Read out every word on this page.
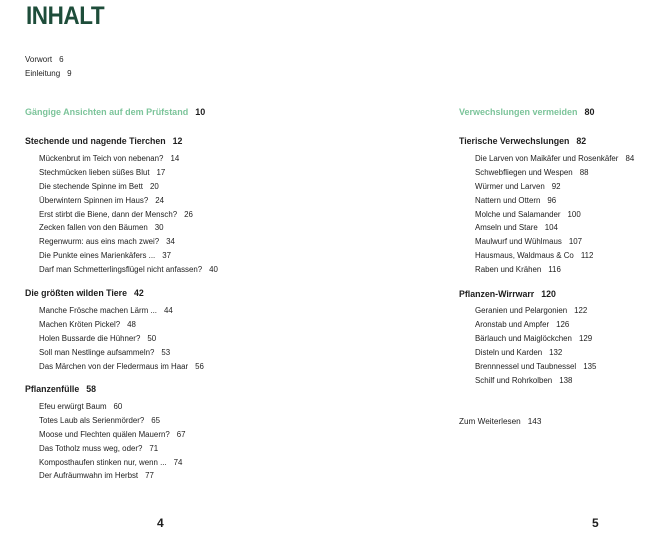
INHALT
Vorwort 6
Einleitung 9
Gängige Ansichten auf dem Prüfstand 10
Stechende und nagende Tierchen 12
Mückenbrut im Teich von nebenan? 14
Stechmücken lieben süßes Blut 17
Die stechende Spinne im Bett 20
Überwintern Spinnen im Haus? 24
Erst stirbt die Biene, dann der Mensch? 26
Zecken fallen von den Bäumen 30
Regenwurm: aus eins mach zwei? 34
Die Punkte eines Marienkäfers ... 37
Darf man Schmetterlingsflügel nicht anfassen? 40
Die größten wilden Tiere 42
Manche Frösche machen Lärm ... 44
Machen Kröten Pickel? 48
Holen Bussarde die Hühner? 50
Soll man Nestlinge aufsammeln? 53
Das Märchen von der Fledermaus im Haar 56
Pflanzenfülle 58
Efeu erwürgt Baum 60
Totes Laub als Serienmörder? 65
Moose und Flechten quälen Mauern? 67
Das Totholz muss weg, oder? 71
Komposthaufen stinken nur, wenn ... 74
Der Aufräumwahn im Herbst 77
4
Verwechslungen vermeiden 80
Tierische Verwechslungen 82
Die Larven von Maikäfer und Rosenkäfer 84
Schwebfliegen und Wespen 88
Würmer und Larven 92
Nattern und Ottern 96
Molche und Salamander 100
Amseln und Stare 104
Maulwurf und Wühlmaus 107
Hausmaus, Waldmaus & Co 112
Raben und Krähen 116
Pflanzen-Wirrwarr 120
Geranien und Pelargonien 122
Aronstab und Ampfer 126
Bärlauch und Maiglöckchen 129
Disteln und Karden 132
Brennnessel und Taubnessel 135
Schilf und Rohrkolben 138
Zum Weiterlesen 143
5
